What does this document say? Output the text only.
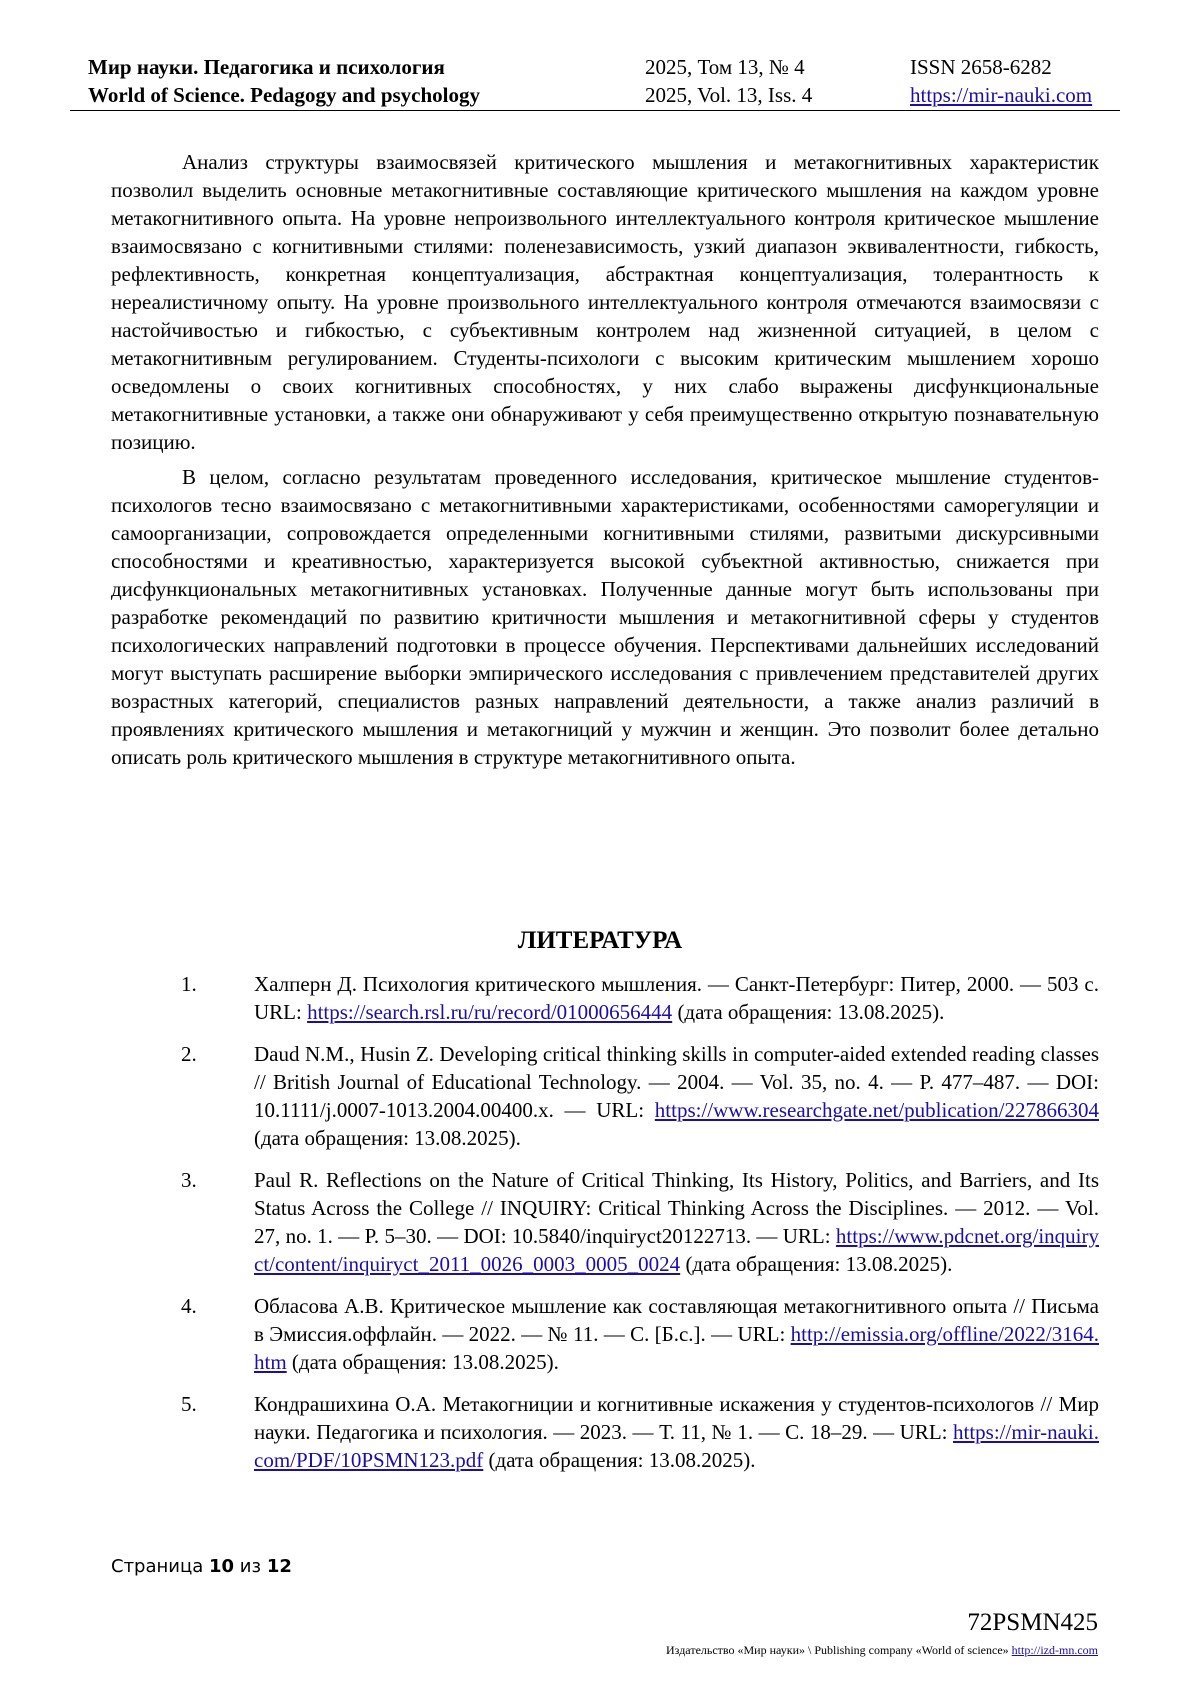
Мир науки. Педагогика и психология
World of Science. Pedagogy and psychology
2025, Том 13, № 4
2025, Vol. 13, Iss. 4
ISSN 2658-6282
https://mir-nauki.com

Анализ структуры взаимосвязей критического мышления и метакогнитивных характеристик позволил выделить основные метакогнитивные составляющие критического мышления на каждом уровне метакогнитивного опыта. На уровне непроизвольного интеллектуального контроля критическое мышление взаимосвязано с когнитивными стилями: поленезависимость, узкий диапазон эквивалентности, гибкость, рефлективность, конкретная концептуализация, абстрактная концептуализация, толерантность к нереалистичному опыту. На уровне произвольного интеллектуального контроля отмечаются взаимосвязи с настойчивостью и гибкостью, с субъективным контролем над жизненной ситуацией, в целом с метакогнитивным регулированием. Студенты-психологи с высоким критическим мышлением хорошо осведомлены о своих когнитивных способностях, у них слабо выражены дисфункциональные метакогнитивные установки, а также они обнаруживают у себя преимущественно открытую познавательную позицию.

В целом, согласно результатам проведенного исследования, критическое мышление студентов-психологов тесно взаимосвязано с метакогнитивными характеристиками, особенностями саморегуляции и самоорганизации, сопровождается определенными когнитивными стилями, развитыми дискурсивными способностями и креативностью, характеризуется высокой субъектной активностью, снижается при дисфункциональных метакогнитивных установках. Полученные данные могут быть использованы при разработке рекомендаций по развитию критичности мышления и метакогнитивной сферы у студентов психологических направлений подготовки в процессе обучения. Перспективами дальнейших исследований могут выступать расширение выборки эмпирического исследования с привлечением представителей других возрастных категорий, специалистов разных направлений деятельности, а также анализ различий в проявлениях критического мышления и метакогниций у мужчин и женщин. Это позволит более детально описать роль критического мышления в структуре метакогнитивного опыта.

ЛИТЕРАТУРА
1.	Халперн Д. Психология критического мышления. — Санкт-Петербург: Питер, 2000. — 503 с. URL: https://search.rsl.ru/ru/record/01000656444 (дата обращения: 13.08.2025).
2.	Daud N.M., Husin Z. Developing critical thinking skills in computer-aided extended reading classes // British Journal of Educational Technology. — 2004. — Vol. 35, no. 4. — P. 477–487. — DOI: 10.1111/j.0007-1013.2004.00400.x. — URL: https://www.researchgate.net/publication/227866304 (дата обращения: 13.08.2025).
3.	Paul R. Reflections on the Nature of Critical Thinking, Its History, Politics, and Barriers, and Its Status Across the College // INQUIRY: Critical Thinking Across the Disciplines. — 2012. — Vol. 27, no. 1. — P. 5–30. — DOI: 10.5840/inquiryct20122713. — URL: https://www.pdcnet.org/inquiryct/content/inquiryct_2011_0026_0003_0005_0024 (дата обращения: 13.08.2025).
4.	Обласова А.В. Критическое мышление как составляющая метакогнитивного опыта // Письма в Эмиссия.оффлайн. — 2022. — № 11. — С. [Б.с.]. — URL: http://emissia.org/offline/2022/3164.htm (дата обращения: 13.08.2025).
5.	Кондрашихина О.А. Метакогниции и когнитивные искажения у студентов-психологов // Мир науки. Педагогика и психология. — 2023. — Т. 11, № 1. — С. 18–29. — URL: https://mir-nauki.com/PDF/10PSMN123.pdf (дата обращения: 13.08.2025).
Страница 10 из 12
72PSMN425
Издательство «Мир науки» \ Publishing company «World of science» http://izd-mn.com
